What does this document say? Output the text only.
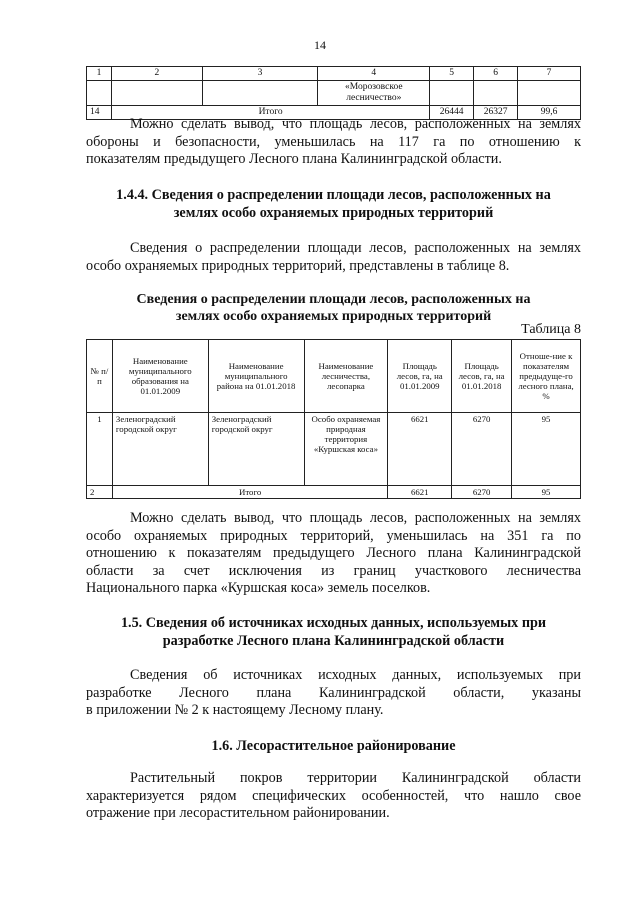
14
1	2	3	4	5	6	7
			«Морозовское лесничество»			
14	Итого			26444	26327	99,6
Можно сделать вывод, что площадь лесов, расположенных на землях
обороны и безопасности, уменьшилась на 117 га по отношению к
показателям предыдущего Лесного плана Калининградской области.
1.4.4. Сведения о распределении площади лесов, расположенных на
землях особо охраняемых природных территорий
Сведения о распределении площади лесов, расположенных на землях
особо охраняемых природных территорий, представлены в таблице 8.
Сведения о распределении площади лесов, расположенных на
землях особо охраняемых природных территорий
Таблица 8
№ п/п	Наименование муниципального образования на 01.01.2009	Наименование муниципального района на 01.01.2018	Наименование лесничества, лесопарка	Площадь лесов, га, на 01.01.2009	Площадь лесов, га, на 01.01.2018	Отноше-ние к показателям предыдуще-го лесного плана, %
1	Зеленоградский городской округ	Зеленоградский городской округ	Особо охраняемая природная территория «Куршская коса»	6621	6270	95
2	Итого			6621	6270	95
Можно сделать вывод, что площадь лесов, расположенных на землях
особо охраняемых природных территорий, уменьшилась на 351 га по
отношению к показателям предыдущего Лесного плана Калининградской
области за счет исключения из границ участкового лесничества
Национального парка «Куршская коса» земель поселков.
1.5. Сведения об источниках исходных данных, используемых при
разработке Лесного плана Калининградской области
Сведения об источниках исходных данных, используемых при
разработке Лесного плана Калининградской области, указаны
в приложении № 2 к настоящему Лесному плану.
1.6. Лесорастительное районирование
Растительный покров территории Калининградской области
характеризуется рядом специфических особенностей, что нашло свое
отражение при лесорастительном районировании.
